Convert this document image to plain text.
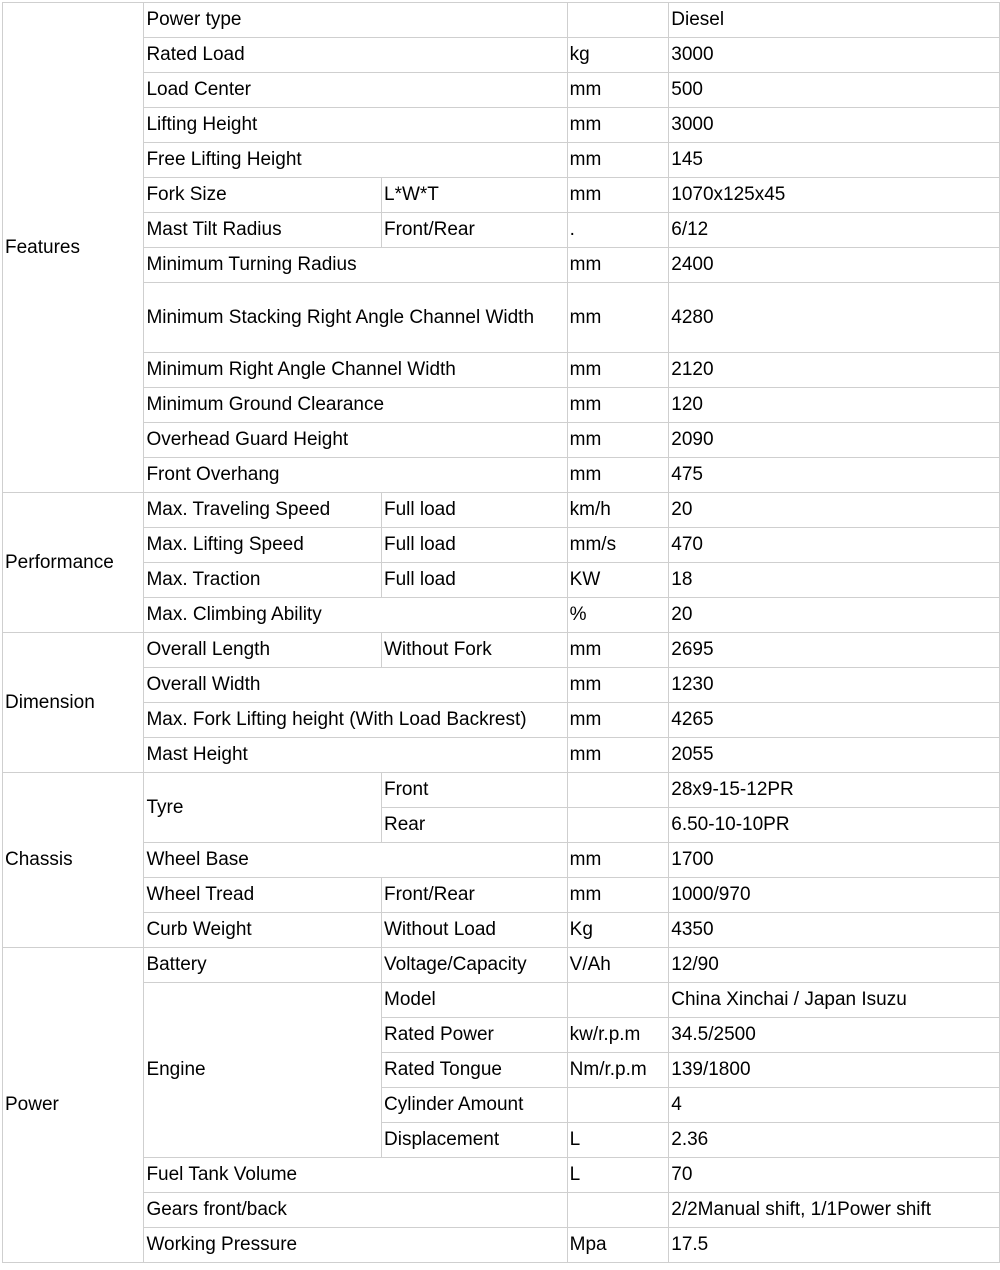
Features	Power type			Diesel
	Rated Load		kg	3000
	Load Center		mm	500
	Lifting Height		mm	3000
	Free Lifting Height		mm	145
	Fork Size	L*W*T	mm	1070x125x45
	Mast Tilt Radius	Front/Rear	.	6/12
	Minimum Turning Radius		mm	2400
	Minimum Stacking Right Angle Channel Width		mm	4280
	Minimum Right Angle Channel Width		mm	2120
	Minimum Ground Clearance		mm	120
	Overhead Guard Height		mm	2090
	Front Overhang		mm	475
Performance	Max. Traveling Speed	Full load	km/h	20
	Max. Lifting Speed	Full load	mm/s	470
	Max. Traction	Full load	KW	18
	Max. Climbing Ability		%	20
Dimension	Overall Length	Without Fork	mm	2695
	Overall Width		mm	1230
	Max. Fork Lifting height (With Load Backrest)		mm	4265
	Mast Height		mm	2055
Chassis	Tyre	Front		28x9-15-12PR
		Rear		6.50-10-10PR
	Wheel Base		mm	1700
	Wheel Tread	Front/Rear	mm	1000/970
	Curb Weight	Without Load	Kg	4350
Power	Battery	Voltage/Capacity	V/Ah	12/90
	Engine	Model		China Xinchai / Japan Isuzu
		Rated Power	kw/r.p.m	34.5/2500
		Rated Tongue	Nm/r.p.m	139/1800
		Cylinder Amount		4
		Displacement	L	2.36
	Fuel Tank Volume		L	70
	Gears front/back			2/2Manual shift, 1/1Power shift
	Working Pressure		Mpa	17.5
